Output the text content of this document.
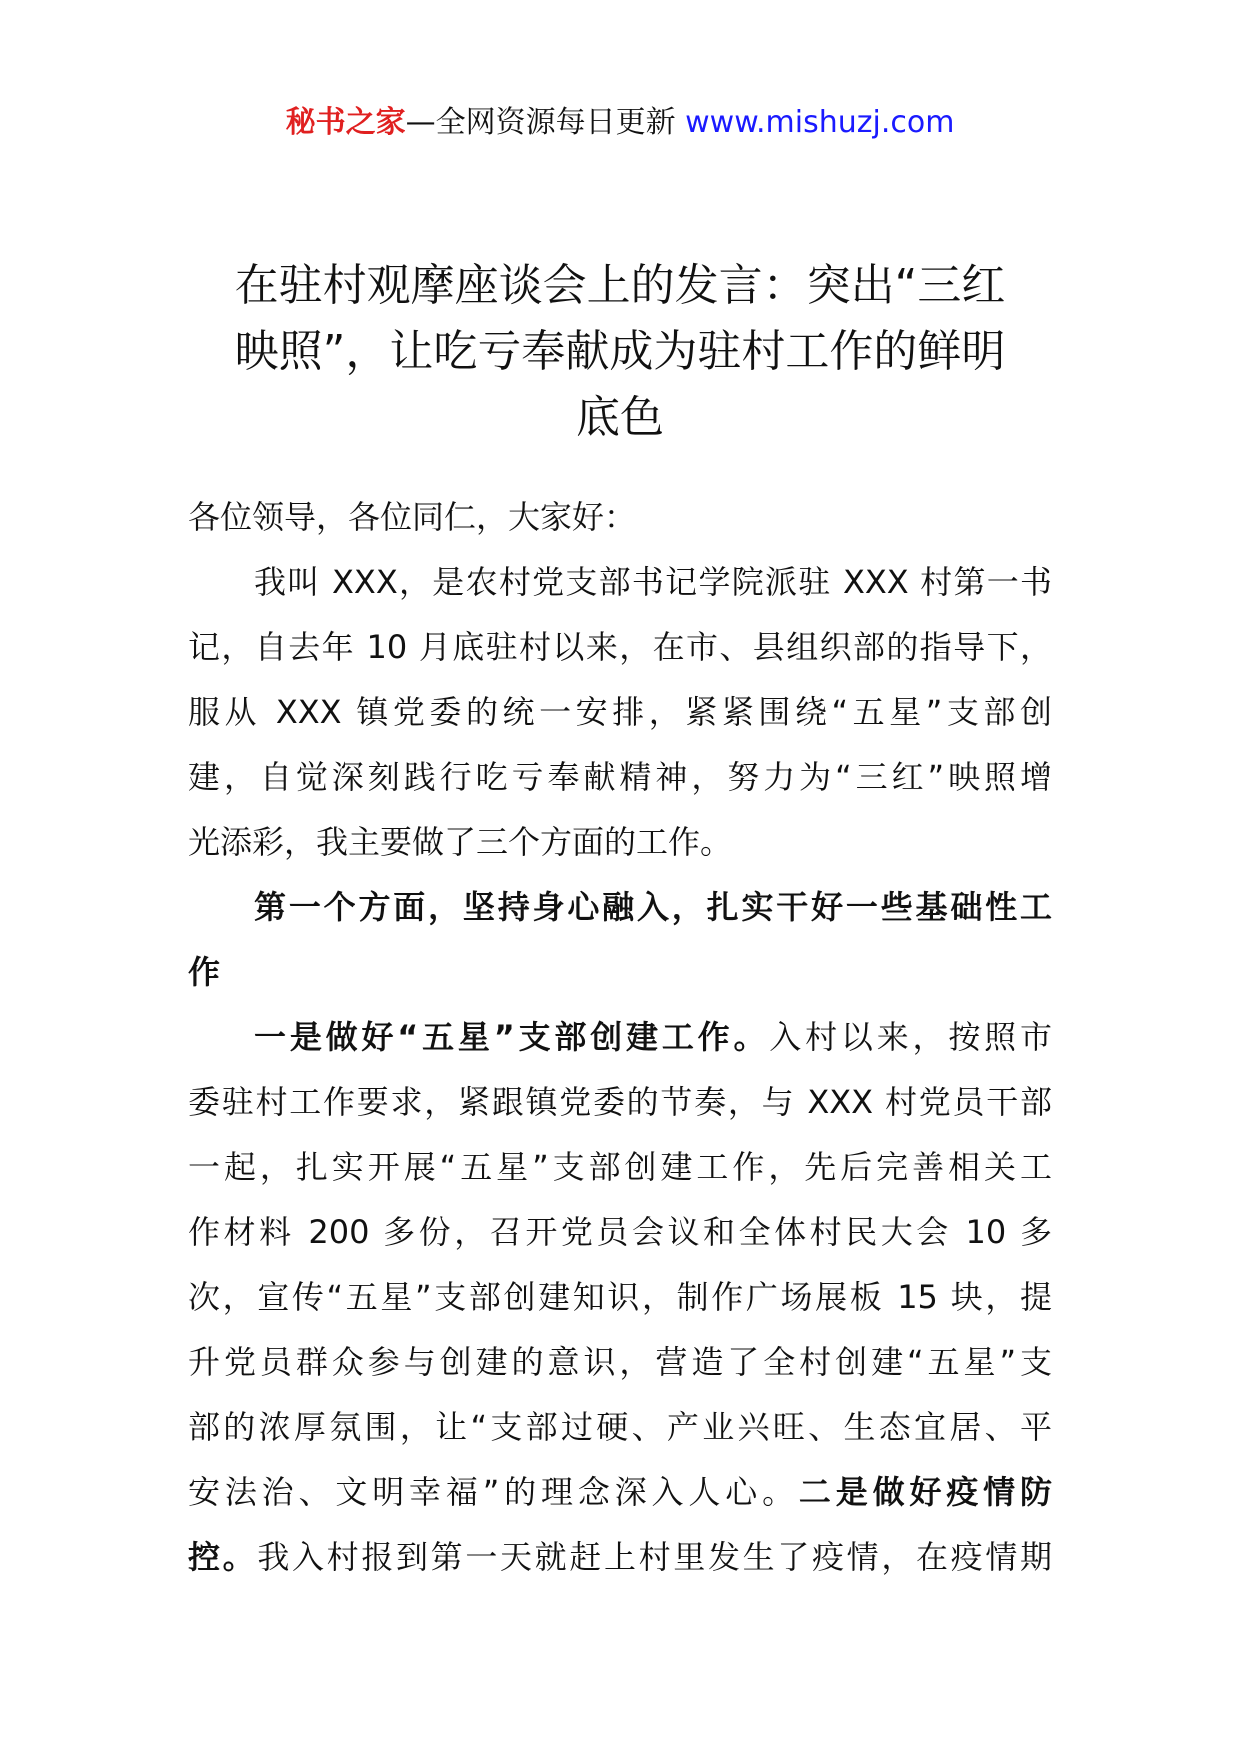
秘书之家—全网资源每日更新 www.mishuzj.com
在驻村观摩座谈会上的发言：突出“三红
映照”，让吃亏奉献成为驻村工作的鲜明
底色
各位领导，各位同仁，大家好：
我叫 XXX，是农村党支部书记学院派驻 XXX 村第一书
记，自去年 10 月底驻村以来，在市、县组织部的指导下，
服从 XXX 镇党委的统一安排，紧紧围绕“五星”支部创
建，自觉深刻践行吃亏奉献精神，努力为“三红”映照增
光添彩，我主要做了三个方面的工作。
第一个方面，坚持身心融入，扎实干好一些基础性工
作
一是做好“五星”支部创建工作。入村以来，按照市
委驻村工作要求，紧跟镇党委的节奏，与 XXX 村党员干部
一起，扎实开展“五星”支部创建工作，先后完善相关工
作材料 200 多份，召开党员会议和全体村民大会 10 多
次，宣传“五星”支部创建知识，制作广场展板 15 块，提
升党员群众参与创建的意识，营造了全村创建“五星”支
部的浓厚氛围，让“支部过硬、产业兴旺、生态宜居、平
安法治、文明幸福”的理念深入人心。二是做好疫情防
控。我入村报到第一天就赶上村里发生了疫情，在疫情期
